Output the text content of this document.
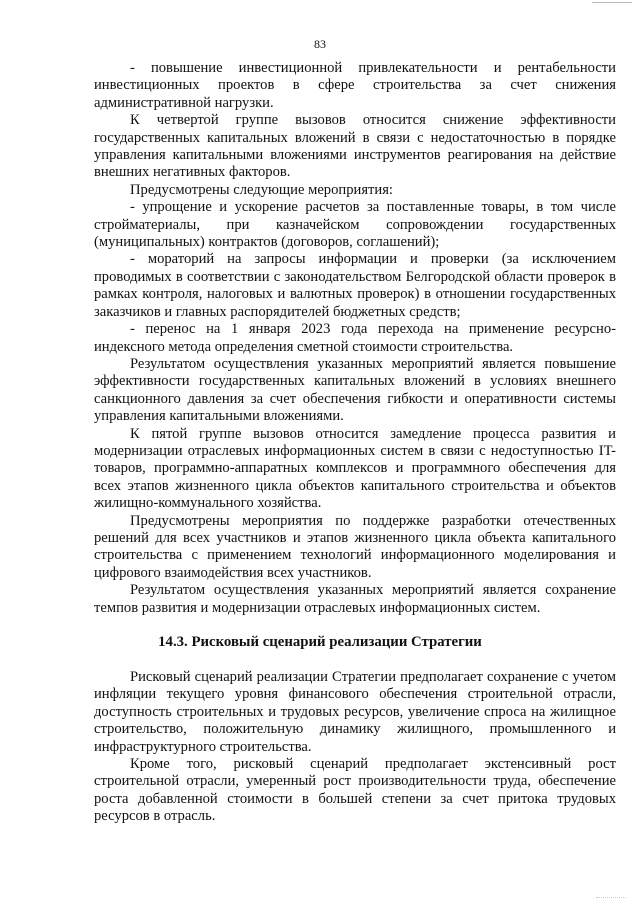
83

- повышение инвестиционной привлекательности и рентабельности инвестиционных проектов в сфере строительства за счет снижения административной нагрузки.

К четвертой группе вызовов относится снижение эффективности государственных капитальных вложений в связи с недостаточностью в порядке управления капитальными вложениями инструментов реагирования на действие внешних негативных факторов.

Предусмотрены следующие мероприятия:

- упрощение и ускорение расчетов за поставленные товары, в том числе стройматериалы, при казначейском сопровождении государственных (муниципальных) контрактов (договоров, соглашений);

- мораторий на запросы информации и проверки (за исключением проводимых в соответствии с законодательством Белгородской области проверок в рамках контроля, налоговых и валютных проверок) в отношении государственных заказчиков и главных распорядителей бюджетных средств;

- перенос на 1 января 2023 года перехода на применение ресурсно-индексного метода определения сметной стоимости строительства.

Результатом осуществления указанных мероприятий является повышение эффективности государственных капитальных вложений в условиях внешнего санкционного давления за счет обеспечения гибкости и оперативности системы управления капитальными вложениями.

К пятой группе вызовов относится замедление процесса развития и модернизации отраслевых информационных систем в связи с недоступностью IT-товаров, программно-аппаратных комплексов и программного обеспечения для всех этапов жизненного цикла объектов капитального строительства и объектов жилищно-коммунального хозяйства.

Предусмотрены мероприятия по поддержке разработки отечественных решений для всех участников и этапов жизненного цикла объекта капитального строительства с применением технологий информационного моделирования и цифрового взаимодействия всех участников.

Результатом осуществления указанных мероприятий является сохранение темпов развития и модернизации отраслевых информационных систем.

14.3. Рисковый сценарий реализации Стратегии

Рисковый сценарий реализации Стратегии предполагает сохранение с учетом инфляции текущего уровня финансового обеспечения строительной отрасли, доступность строительных и трудовых ресурсов, увеличение спроса на жилищное строительство, положительную динамику жилищного, промышленного и инфраструктурного строительства.

Кроме того, рисковый сценарий предполагает экстенсивный рост строительной отрасли, умеренный рост производительности труда, обеспечение роста добавленной стоимости в большей степени за счет притока трудовых ресурсов в отрасль.
